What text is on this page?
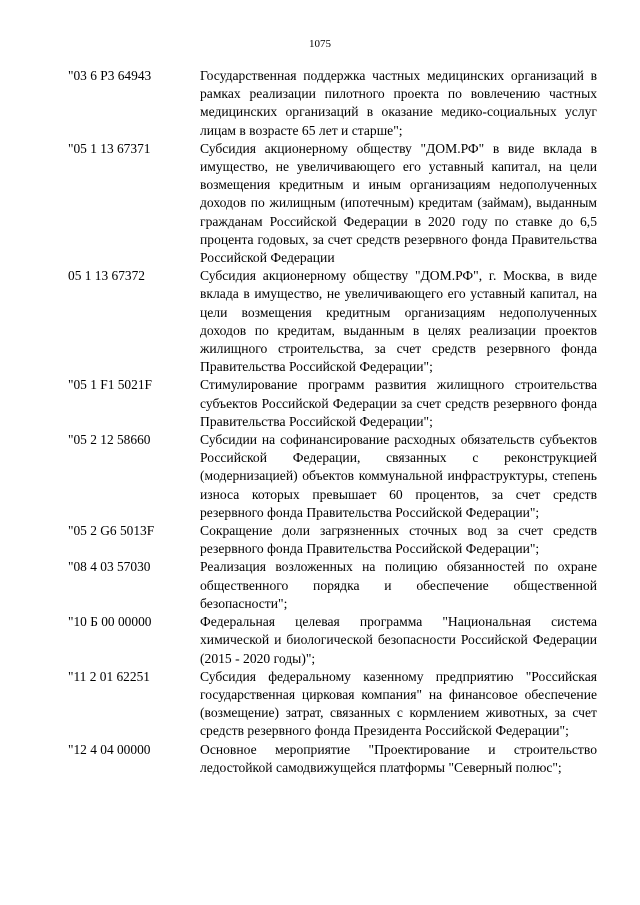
1075
"03 6 P3 64943	Государственная поддержка частных медицинских организаций в рамках реализации пилотного проекта по вовлечению частных медицинских организаций в оказание медико-социальных услуг лицам в возрасте 65 лет и старше";
"05 1 13 67371	Субсидия акционерному обществу "ДОМ.РФ" в виде вклада в имущество, не увеличивающего его уставный капитал, на цели возмещения кредитным и иным организациям недополученных доходов по жилищным (ипотечным) кредитам (займам), выданным гражданам Российской Федерации в 2020 году по ставке до 6,5 процента годовых, за счет средств резервного фонда Правительства Российской Федерации
05 1 13 67372	Субсидия акционерному обществу "ДОМ.РФ", г. Москва, в виде вклада в имущество, не увеличивающего его уставный капитал, на цели возмещения кредитным организациям недополученных доходов по кредитам, выданным в целях реализации проектов жилищного строительства, за счет средств резервного фонда Правительства Российской Федерации";
"05 1 F1 5021F	Стимулирование программ развития жилищного строительства субъектов Российской Федерации за счет средств резервного фонда Правительства Российской Федерации";
"05 2 12 58660	Субсидии на софинансирование расходных обязательств субъектов Российской Федерации, связанных с реконструкцией (модернизацией) объектов коммунальной инфраструктуры, степень износа которых превышает 60 процентов, за счет средств резервного фонда Правительства Российской Федерации";
"05 2 G6 5013F	Сокращение доли загрязненных сточных вод за счет средств резервного фонда Правительства Российской Федерации";
"08 4 03 57030	Реализация возложенных на полицию обязанностей по охране общественного порядка и обеспечение общественной безопасности";
"10 Б 00 00000	Федеральная целевая программа "Национальная система химической и биологической безопасности Российской Федерации (2015 - 2020 годы)";
"11 2 01 62251	Субсидия федеральному казенному предприятию "Российская государственная цирковая компания" на финансовое обеспечение (возмещение) затрат, связанных с кормлением животных, за счет средств резервного фонда Президента Российской Федерации";
"12 4 04 00000	Основное мероприятие "Проектирование и строительство ледостойкой самодвижущейся платформы "Северный полюс";
